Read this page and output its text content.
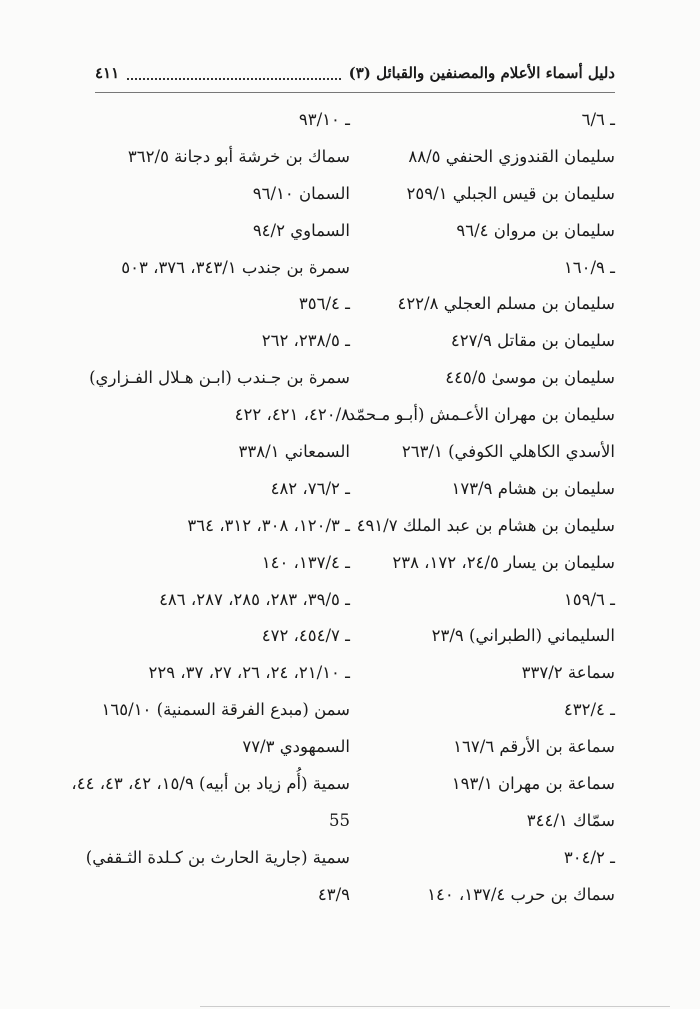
دليل أسماء الأعلام والمصنفين والقبائل (٣)
٤١١
ـ ٦/٦
سليمان القندوزي الحنفي ٨٨/٥
سليمان بن قيس الجبلي ٢٥٩/١
سليمان بن مروان ٩٦/٤
ـ ١٦٠/٩
سليمان بن مسلم العجلي ٤٢٢/٨
سليمان بن مقاتل ٤٢٧/٩
سليمان بن موسىٰ ٤٤٥/٥
سليمان بن مهران الأعـمش (أبـو مـحمّد
الأسدي الكاهلي الكوفي) ٢٦٣/١
سليمان بن هشام ١٧٣/٩
سليمان بن هشام بن عبد الملك ٤٩١/٧
سليمان بن يسار ٢٤/٥، ١٧٢، ٢٣٨
ـ ١٥٩/٦
السليماني (الطبراني) ٢٣/٩
سماعة ٣٣٧/٢
ـ ٤٣٢/٤
سماعة بن الأرقم ١٦٧/٦
سماعة بن مهران ١٩٣/١
سمّاك ٣٤٤/١
ـ ٣٠٤/٢
سماك بن حرب ١٣٧/٤، ١٤٠
ـ ٩٣/١٠
سماك بن خرشة أبو دجانة ٣٦٢/٥
السمان ٩٦/١٠
السماوي ٩٤/٢
سمرة بن جندب ٣٤٣/١، ٣٧٦، ٥٠٣
ـ ٣٥٦/٤
ـ ٢٣٨/٥، ٢٦٢
سمرة بن جـندب (ابـن هـلال الفـزاري)
٤٢٠/٨، ٤٢١، ٤٢٢
السمعاني ٣٣٨/١
ـ ٧٦/٢، ٤٨٢
ـ ١٢٠/٣، ٣٠٨، ٣١٢، ٣٦٤
ـ ١٣٧/٤، ١٤٠
ـ ٣٩/٥، ٢٨٣، ٢٨٥، ٢٨٧، ٤٨٦
ـ ٤٥٤/٧، ٤٧٢
ـ ٢١/١٠، ٢٤، ٢٦، ٢٧، ٣٧، ٢٢٩
سمن (مبدع الفرقة السمنية) ١٦٥/١٠
السمهودي ٧٧/٣
سمية (أُم زياد بن أبيه) ١٥/٩، ٤٢، ٤٣، ٤٤،
55
سمية (جارية الحارث بن كـلدة الثـقفي)
٤٣/٩
